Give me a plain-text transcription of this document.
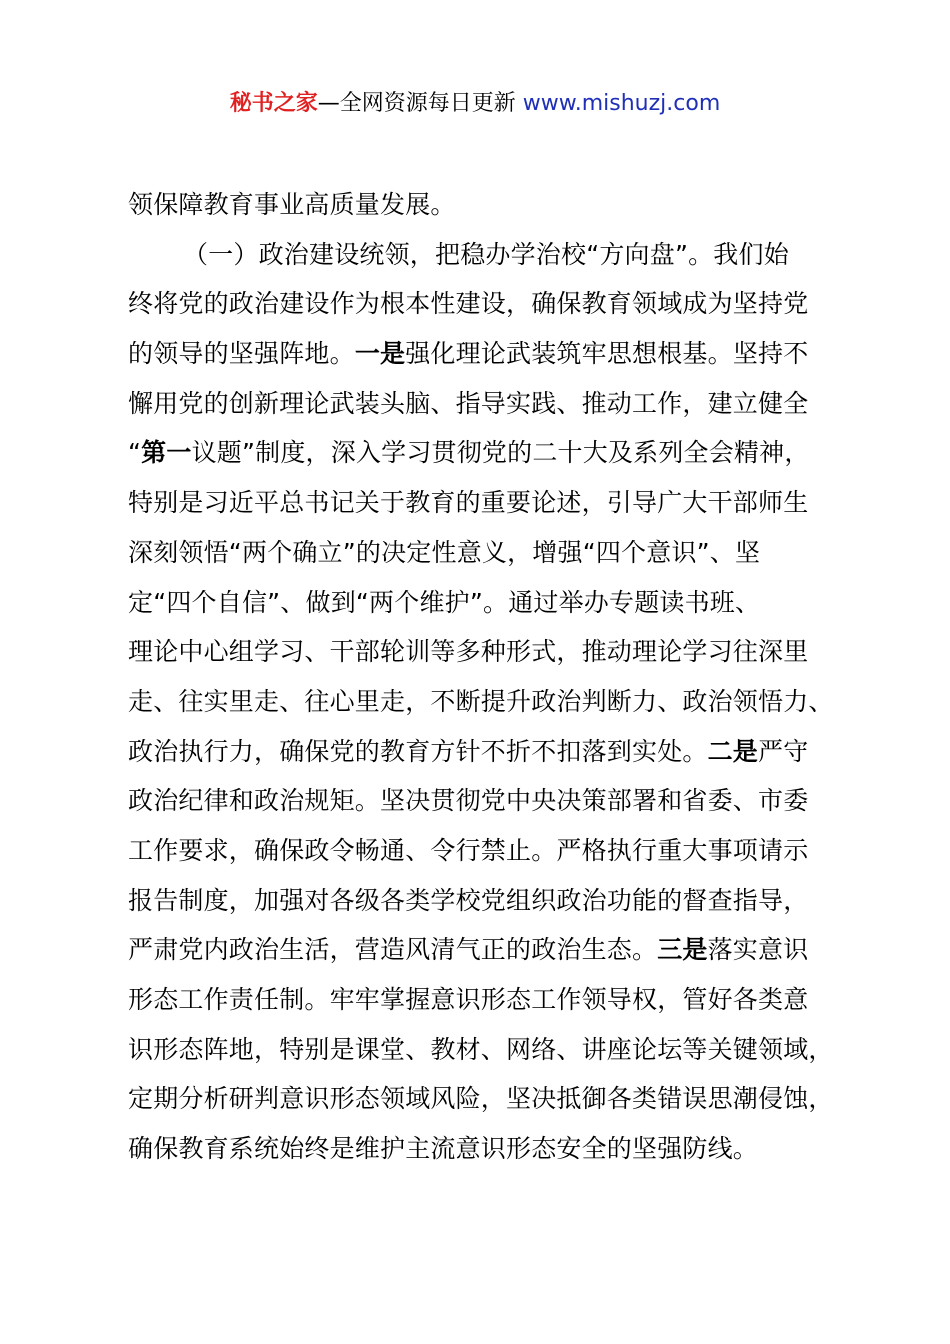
秘书之家—全网资源每日更新 www.mishuzj.com
领保障教育事业高质量发展。
（一）政治建设统领，把稳办学治校“方向盘”。我们始
终将党的政治建设作为根本性建设，确保教育领域成为坚持党
的领导的坚强阵地。一是强化理论武装筑牢思想根基。坚持不
懈用党的创新理论武装头脑、指导实践、推动工作，建立健全
“第一议题”制度，深入学习贯彻党的二十大及系列全会精神，
特别是习近平总书记关于教育的重要论述，引导广大干部师生
深刻领悟“两个确立”的决定性意义，增强“四个意识”、坚
定“四个自信”、做到“两个维护”。通过举办专题读书班、
理论中心组学习、干部轮训等多种形式，推动理论学习往深里
走、往实里走、往心里走，不断提升政治判断力、政治领悟力、
政治执行力，确保党的教育方针不折不扣落到实处。二是严守
政治纪律和政治规矩。坚决贯彻党中央决策部署和省委、市委
工作要求，确保政令畅通、令行禁止。严格执行重大事项请示
报告制度，加强对各级各类学校党组织政治功能的督查指导，
严肃党内政治生活，营造风清气正的政治生态。三是落实意识
形态工作责任制。牢牢掌握意识形态工作领导权，管好各类意
识形态阵地，特别是课堂、教材、网络、讲座论坛等关键领域，
定期分析研判意识形态领域风险，坚决抵御各类错误思潮侵蚀，
确保教育系统始终是维护主流意识形态安全的坚强防线。
